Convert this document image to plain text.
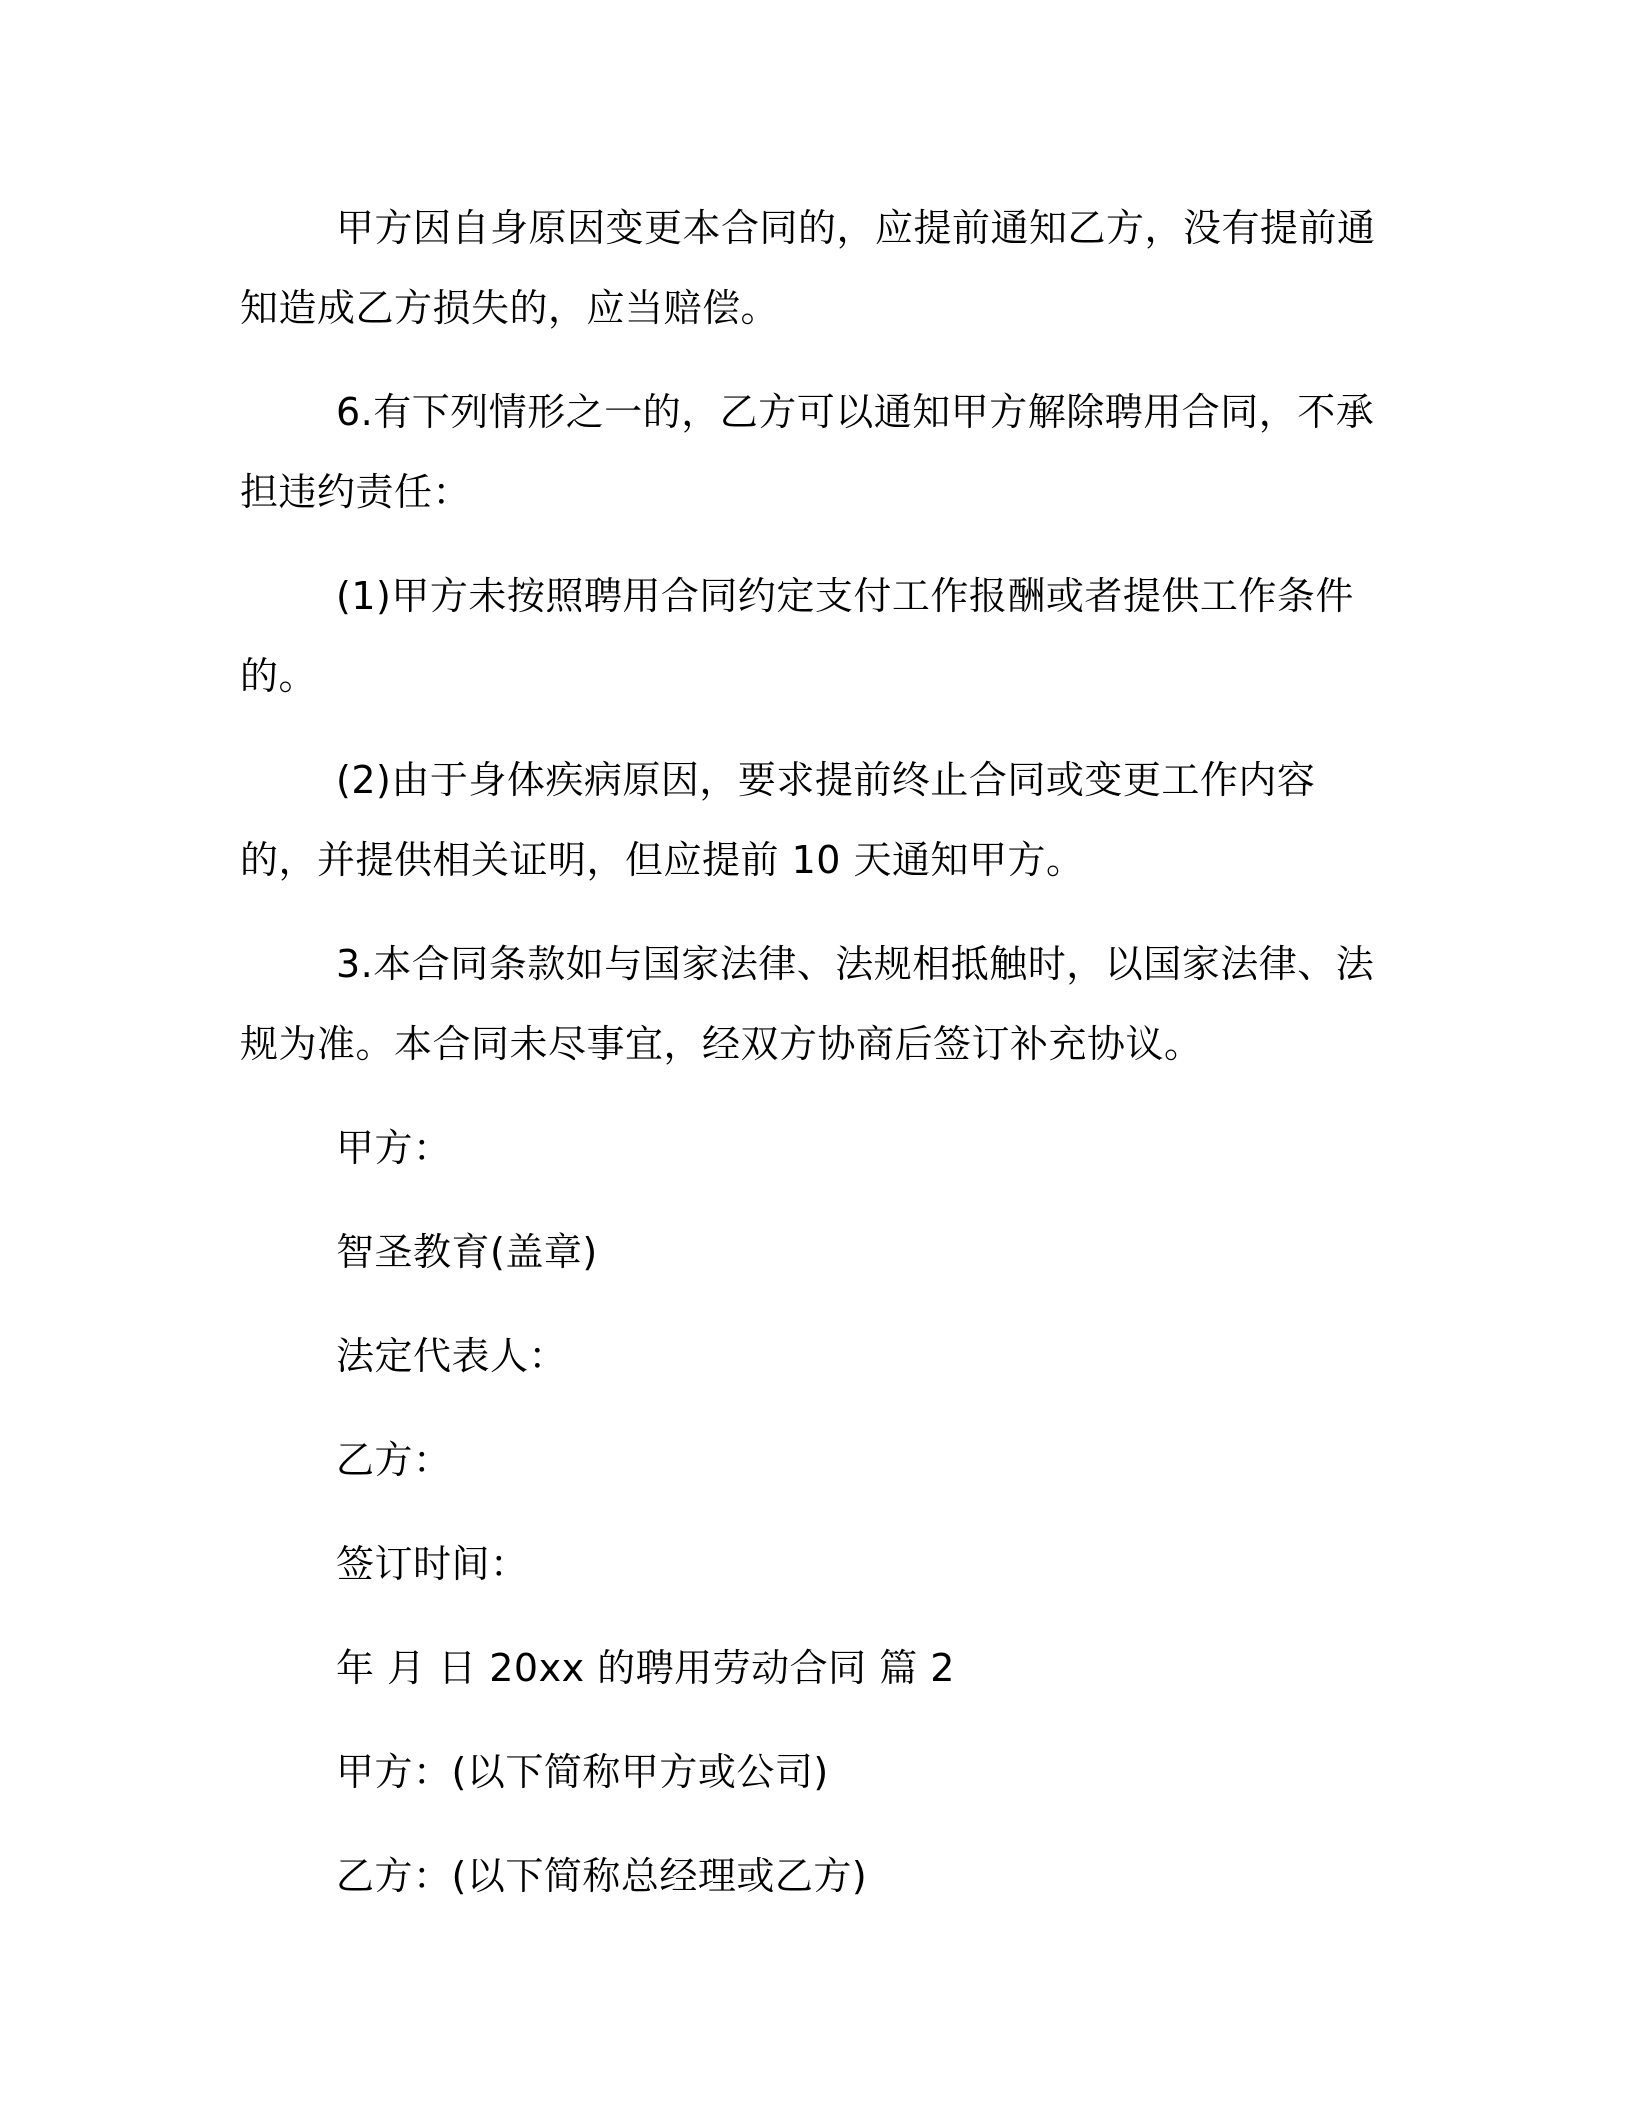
甲方因自身原因变更本合同的，应提前通知乙方，没有提前通知造成乙方损失的，应当赔偿。

6.有下列情形之一的，乙方可以通知甲方解除聘用合同，不承担违约责任：

(1)甲方未按照聘用合同约定支付工作报酬或者提供工作条件的。

(2)由于身体疾病原因，要求提前终止合同或变更工作内容的，并提供相关证明，但应提前 10 天通知甲方。

3.本合同条款如与国家法律、法规相抵触时，以国家法律、法规为准。本合同未尽事宜，经双方协商后签订补充协议。

甲方：

智圣教育(盖章)

法定代表人：

乙方：

签订时间：

年 月 日 20xx 的聘用劳动合同 篇 2

甲方：(以下简称甲方或公司)

乙方：(以下简称总经理或乙方)
